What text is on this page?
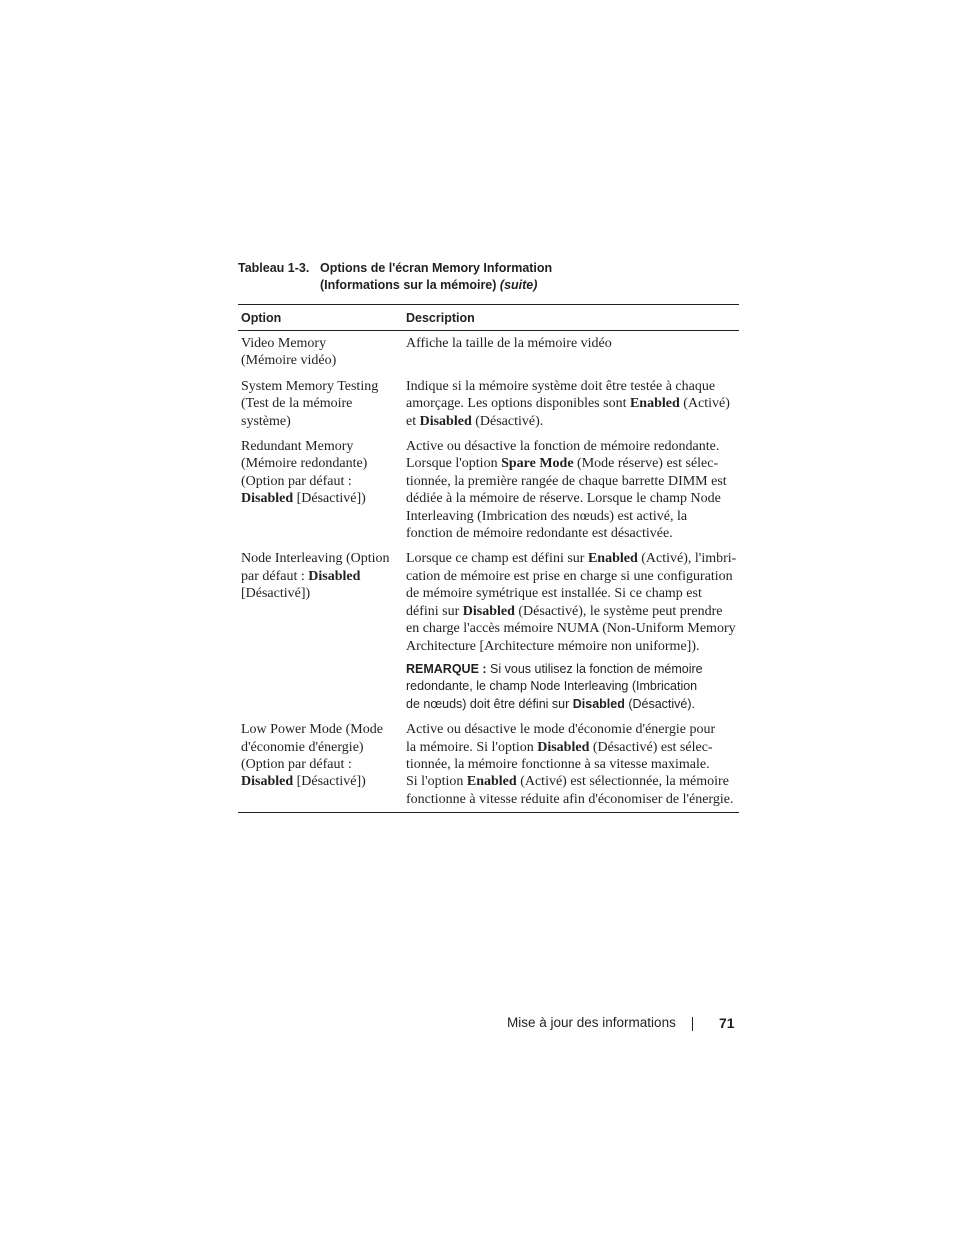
Tableau 1-3. Options de l'écran Memory Information
(Informations sur la mémoire) (suite)
Option	Description
Video Memory
(Mémoire vidéo)
Affiche la taille de la mémoire vidéo
System Memory Testing
(Test de la mémoire
système)
Indique si la mémoire système doit être testée à chaque
amorçage. Les options disponibles sont Enabled (Activé)
et Disabled (Désactivé).
Redundant Memory
(Mémoire redondante)
(Option par défaut :
Disabled [Désactivé])
Active ou désactive la fonction de mémoire redondante.
Lorsque l'option Spare Mode (Mode réserve) est sélec-
tionnée, la première rangée de chaque barrette DIMM est
dédiée à la mémoire de réserve. Lorsque le champ Node
Interleaving (Imbrication des nœuds) est activé, la
fonction de mémoire redondante est désactivée.
Node Interleaving (Option
par défaut : Disabled
[Désactivé])
Lorsque ce champ est défini sur Enabled (Activé), l'imbri-
cation de mémoire est prise en charge si une configuration
de mémoire symétrique est installée. Si ce champ est
défini sur Disabled (Désactivé), le système peut prendre
en charge l'accès mémoire NUMA (Non-Uniform Memory
Architecture [Architecture mémoire non uniforme]).
REMARQUE : Si vous utilisez la fonction de mémoire
redondante, le champ Node Interleaving (Imbrication
de nœuds) doit être défini sur Disabled (Désactivé).
Low Power Mode (Mode
d'économie d'énergie)
(Option par défaut :
Disabled [Désactivé])
Active ou désactive le mode d'économie d'énergie pour
la mémoire. Si l'option Disabled (Désactivé) est sélec-
tionnée, la mémoire fonctionne à sa vitesse maximale.
Si l'option Enabled (Activé) est sélectionnée, la mémoire
fonctionne à vitesse réduite afin d'économiser de l'énergie.
Mise à jour des informations	71
